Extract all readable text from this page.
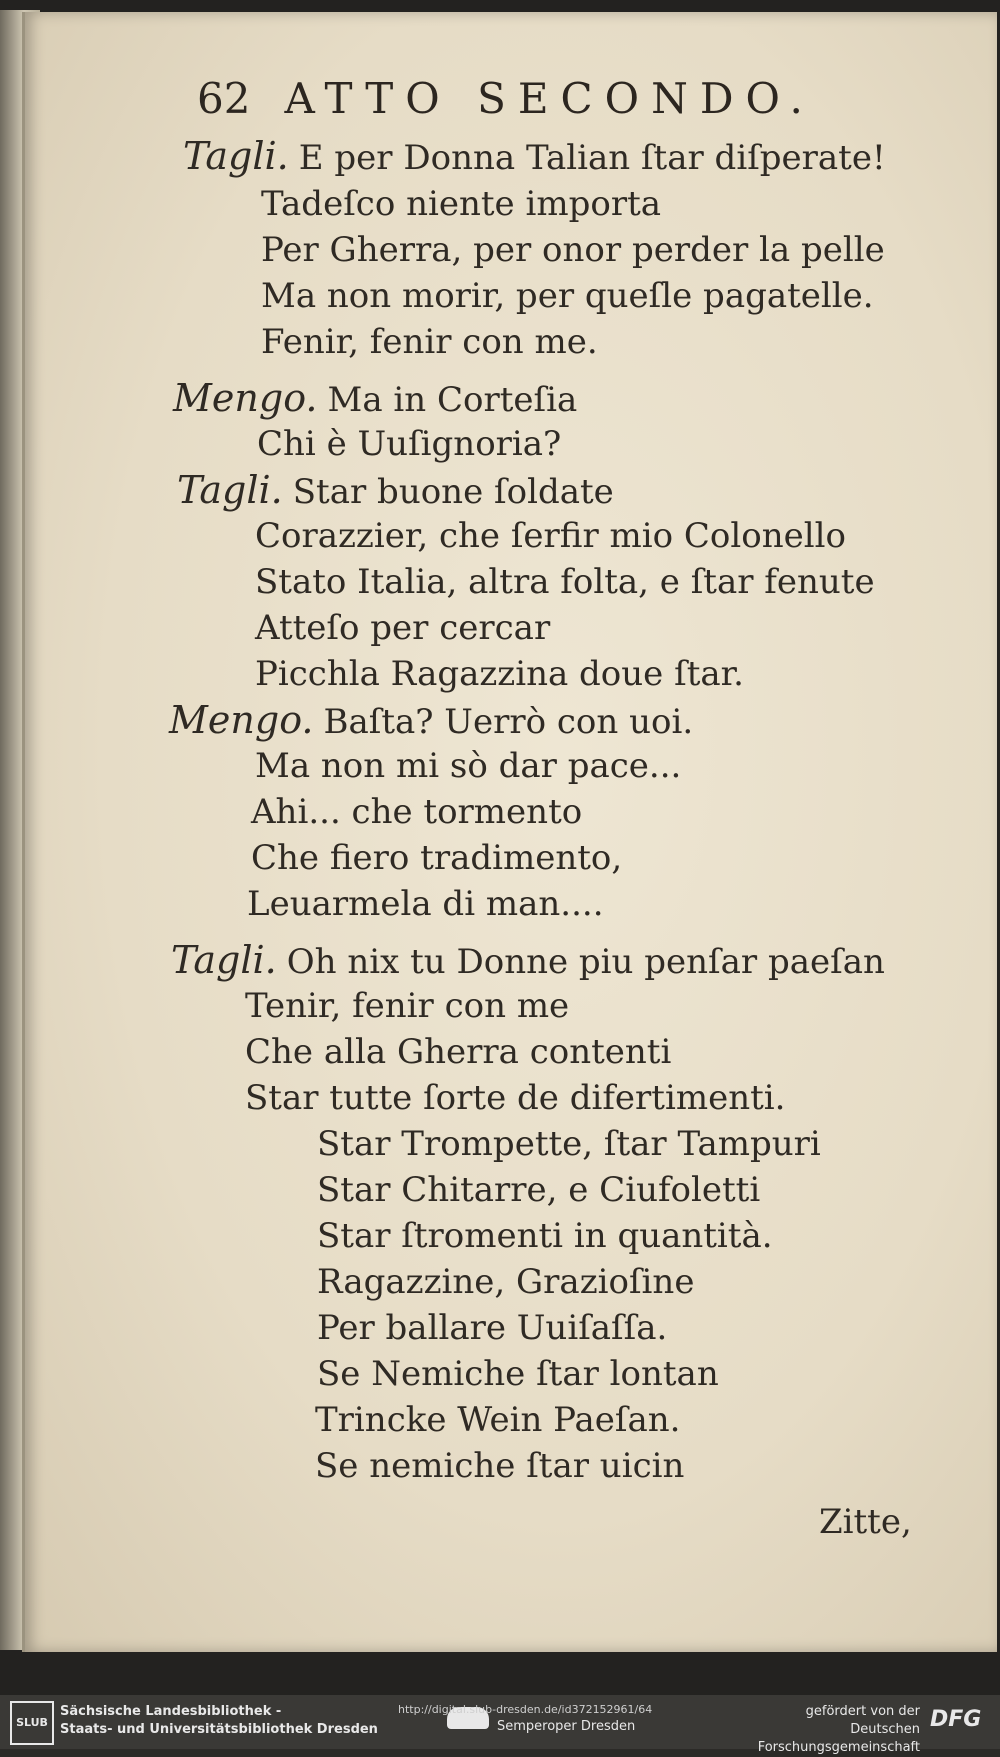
62 ATTO SECONDO.
Tagli. E per Donna Talian ſtar diſperate!
Tadeſco niente importa
Per Gherra, per onor perder la pelle
Ma non morir, per queſle pagatelle.
Fenir, fenir con me.
Mengo. Ma in Corteſia
Chi è Uuſignoria?
Tagli. Star buone ſoldate
Corazzier, che ſerfir mio Colonello
Stato Italia, altra folta, e ſtar fenute
Atteſo per cercar
Picchla Ragazzina doue ſtar.
Mengo. Baſta? Uerrò con uoi.
Ma non mi sò dar pace...
Ahi... che tormento
Che fiero tradimento,
Leuarmela di man....
Tagli. Oh nix tu Donne piu penſar paeſan
Tenir, fenir con me
Che alla Gherra contenti
Star tutte ſorte de difertimenti.
Star Trompette, ſtar Tampuri
Star Chitarre, e Ciufoletti
Star ſtromenti in quantità.
Ragazzine, Grazioſine
Per ballare Uuiſaſſa.
Se Nemiche ſtar lontan
Trincke Wein Paeſan.
Se nemiche ſtar uicin
Zitte,
SLUB
Sächsische Landesbibliothek -
Staats- und Universitätsbibliothek Dresden
http://digital.slub-dresden.de/id372152961/64
Semperoper Dresden
gefördert von der
Deutschen Forschungsgemeinschaft
DFG
